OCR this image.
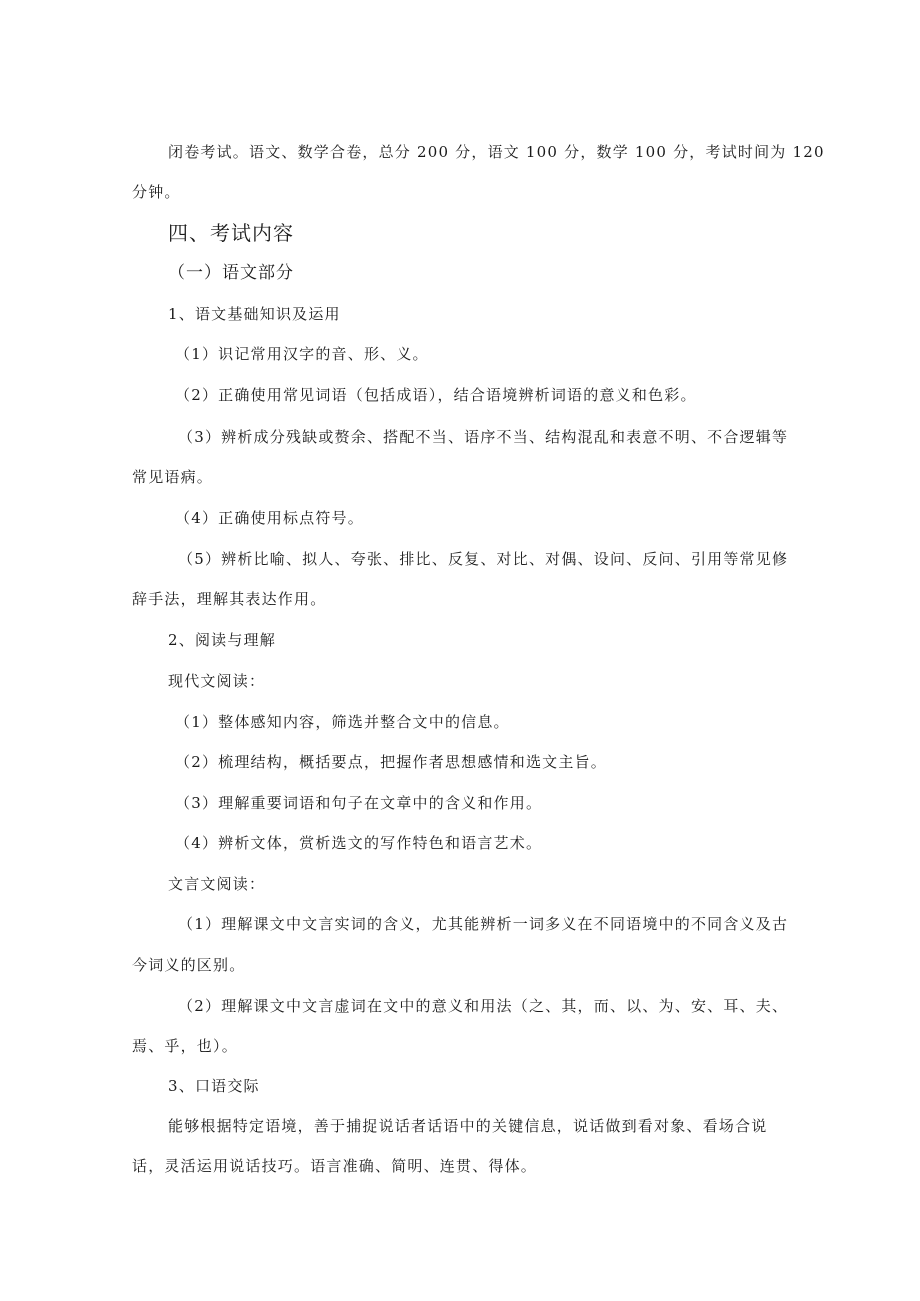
闭卷考试。语文、数学合卷，总分 200 分，语文 100 分，数学 100 分，考试时间为 120
分钟。
四、考试内容
（一）语文部分
1、语文基础知识及运用
（1）识记常用汉字的音、形、义。
（2）正确使用常见词语（包括成语），结合语境辨析词语的意义和色彩。
（3）辨析成分残缺或赘余、搭配不当、语序不当、结构混乱和表意不明、不合逻辑等
常见语病。
（4）正确使用标点符号。
（5）辨析比喻、拟人、夸张、排比、反复、对比、对偶、设问、反问、引用等常见修
辞手法，理解其表达作用。
2、阅读与理解
现代文阅读：
（1）整体感知内容，筛选并整合文中的信息。
（2）梳理结构，概括要点，把握作者思想感情和选文主旨。
（3）理解重要词语和句子在文章中的含义和作用。
（4）辨析文体，赏析选文的写作特色和语言艺术。
文言文阅读：
（1）理解课文中文言实词的含义，尤其能辨析一词多义在不同语境中的不同含义及古
今词义的区别。
（2）理解课文中文言虚词在文中的意义和用法（之、其，而、以、为、安、耳、夫、
焉、乎，也）。
3、口语交际
能够根据特定语境，善于捕捉说话者话语中的关键信息，说话做到看对象、看场合说
话，灵活运用说话技巧。语言准确、简明、连贯、得体。
